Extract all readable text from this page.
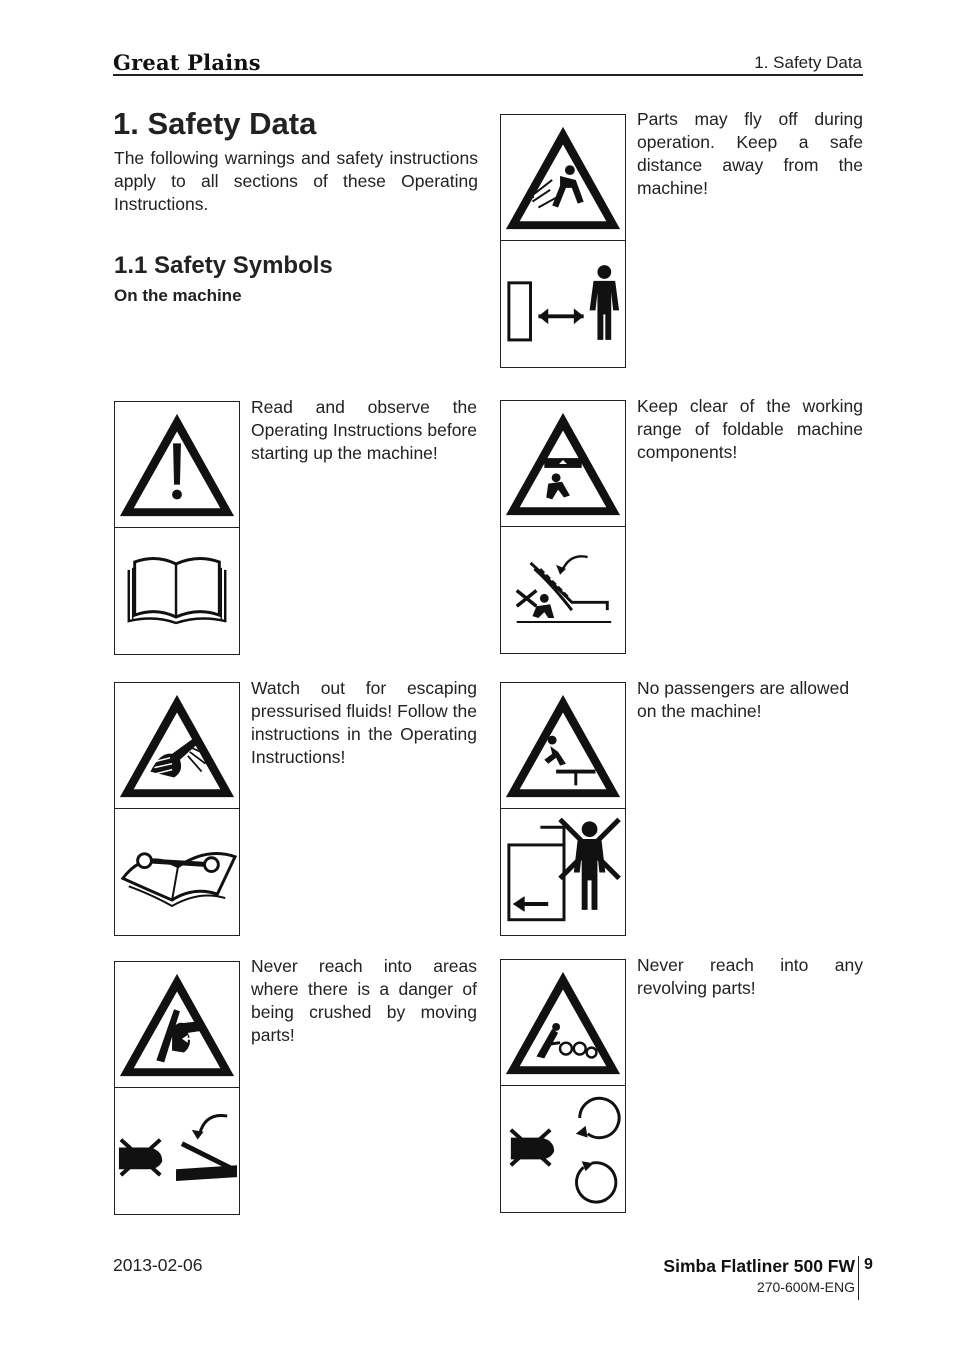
Great Plains	1. Safety Data
1. Safety Data

The following warnings and safety instructions apply to all sections of these Operating Instructions.

1.1 Safety Symbols
On the machine

Parts may fly off during operation. Keep a safe distance away from the machine!

Read and observe the Operating Instructions before starting up the machine!

Keep clear of the working range of foldable machine components!

Watch out for escaping pressurised fluids! Follow the instructions in the Operating Instructions!

No passengers are allowed on the machine!

Never reach into areas where there is a danger of being crushed by moving parts!

Never reach into any revolving parts!

2013-02-06	Simba Flatliner 500 FW 9
270-600M-ENG
